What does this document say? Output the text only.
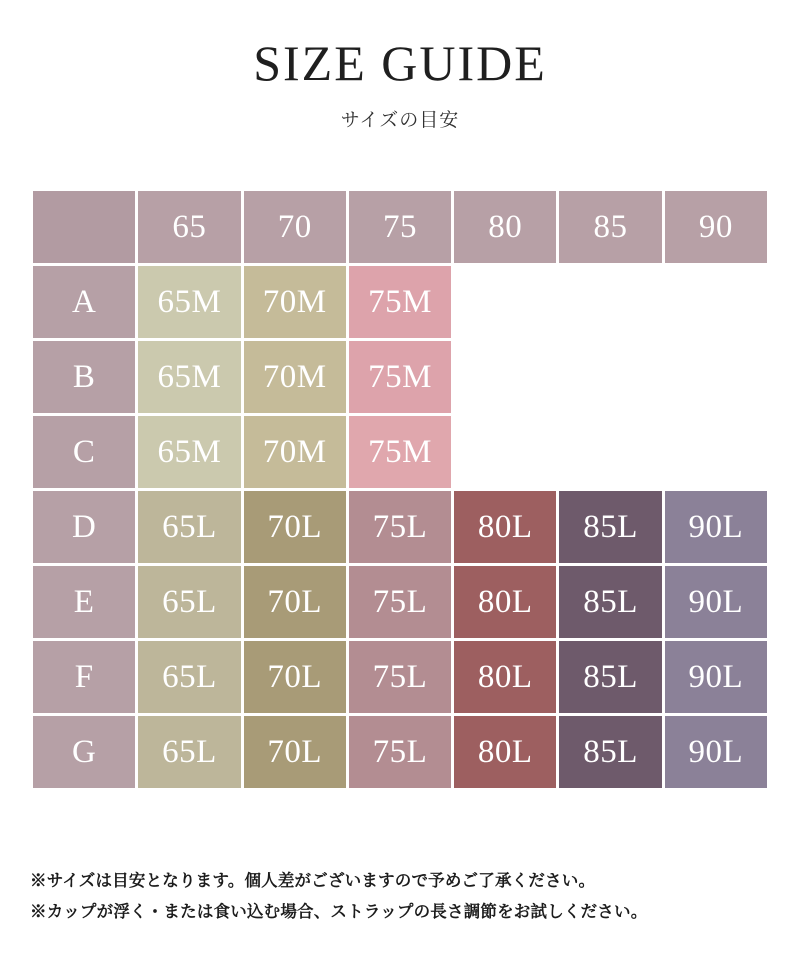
SIZE GUIDE

サイズの目安

	65	70	75	80	85	90
A	65M	70M	75M			
B	65M	70M	75M			
C	65M	70M	75M			
D	65L	70L	75L	80L	85L	90L
E	65L	70L	75L	80L	85L	90L
F	65L	70L	75L	80L	85L	90L
G	65L	70L	75L	80L	85L	90L
※サイズは目安となります。個人差がございますので予めご了承ください。
※カップが浮く・または食い込む場合、ストラップの長さ調節をお試しください。
